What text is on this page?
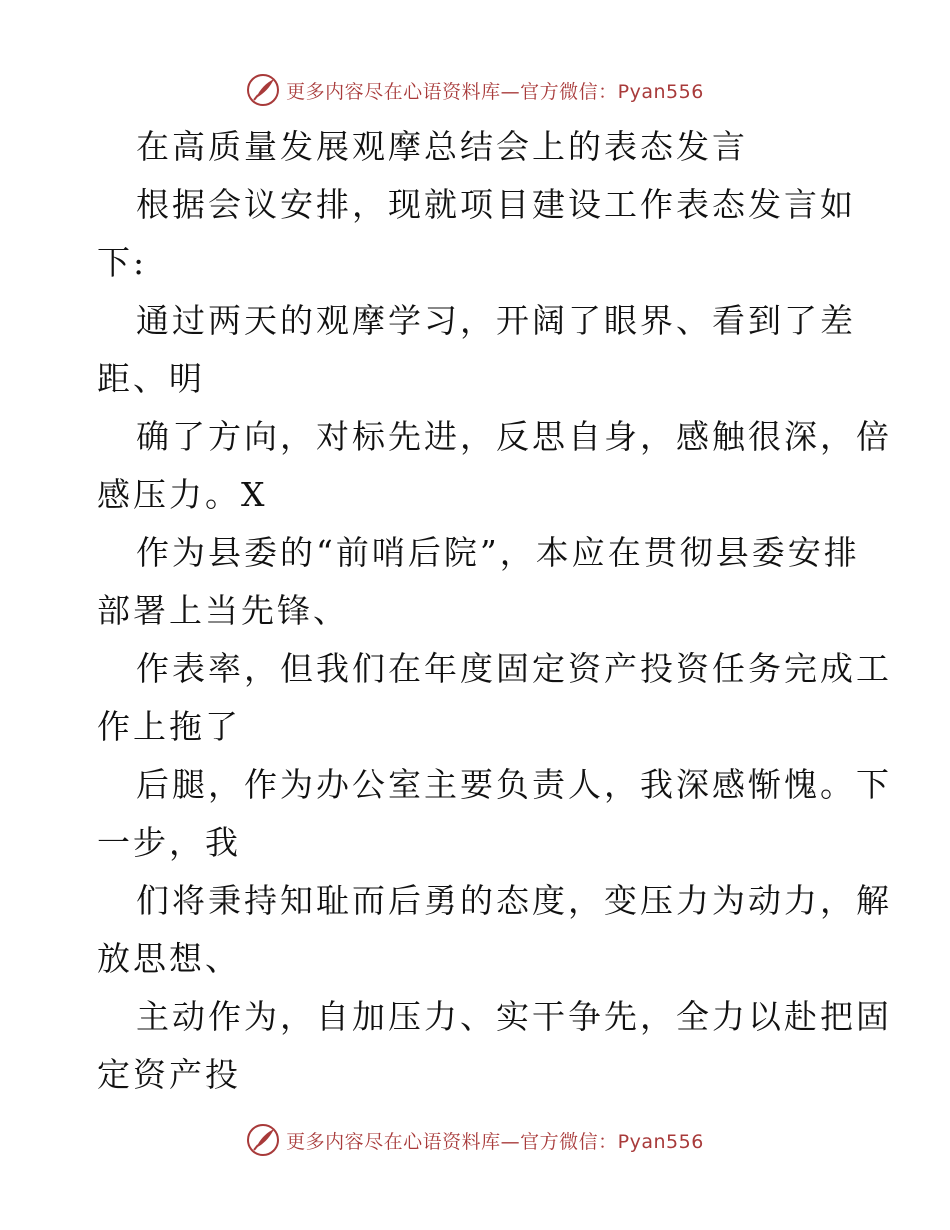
更多内容尽在心语资料库—官方微信：Pyan556
在高质量发展观摩总结会上的表态发言
根据会议安排，现就项目建设工作表态发言如
下:
通过两天的观摩学习，开阔了眼界、看到了差
距、明
确了方向，对标先进，反思自身，感触很深，倍
感压力。X
作为县委的“前哨后院”，本应在贯彻县委安排
部署上当先锋、
作表率，但我们在年度固定资产投资任务完成工
作上拖了
后腿，作为办公室主要负责人，我深感惭愧。下
一步，我
们将秉持知耻而后勇的态度，变压力为动力，解
放思想、
主动作为，自加压力、实干争先，全力以赴把固
定资产投
更多内容尽在心语资料库—官方微信：Pyan556
